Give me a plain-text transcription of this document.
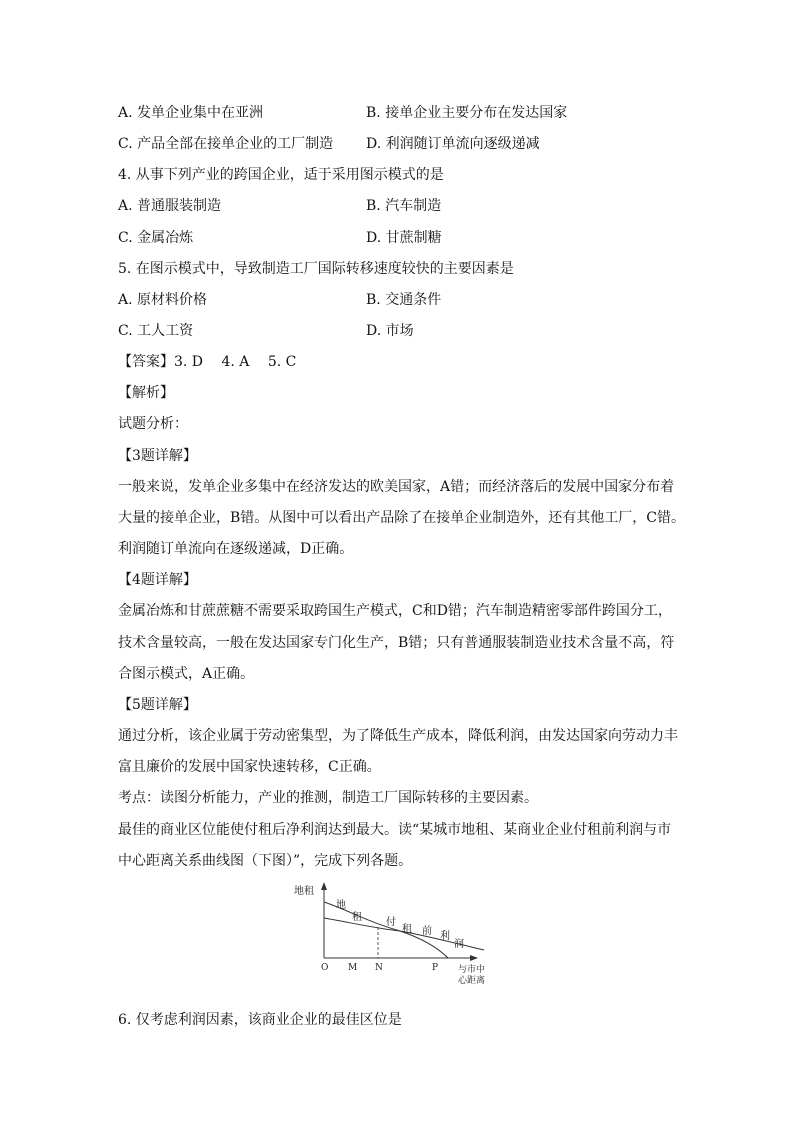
A. 发单企业集中在亚洲	B. 接单企业主要分布在发达国家
C. 产品全部在接单企业的工厂制造 D. 利润随订单流向逐级递减
4. 从事下列产业的跨国企业，适于采用图示模式的是
A. 普通服装制造	B. 汽车制造
C. 金属冶炼	D. 甘蔗制糖
5. 在图示模式中，导致制造工厂国际转移速度较快的主要因素是
A. 原材料价格	B. 交通条件
C. 工人工资	D. 市场
【答案】3. D　 4. A　 5. C
【解析】
试题分析：
【3题详解】
一般来说，发单企业多集中在经济发达的欧美国家，A错；而经济落后的发展中国家分布着
大量的接单企业，B错。从图中可以看出产品除了在接单企业制造外，还有其他工厂，C错。
利润随订单流向在逐级递减，D正确。
【4题详解】
金属冶炼和甘蔗蔗糖不需要采取跨国生产模式，C和D错；汽车制造精密零部件跨国分工，
技术含量较高，一般在发达国家专门化生产，B错；只有普通服装制造业技术含量不高，符
合图示模式，A正确。
【5题详解】
通过分析，该企业属于劳动密集型，为了降低生产成本，降低利润，由发达国家向劳动力丰
富且廉价的发展中国家快速转移，C正确。
考点：读图分析能力，产业的推测，制造工厂国际转移的主要因素。
最佳的商业区位能使付租后净利润达到最大。读“某城市地租、某商业企业付租前利润与市
中心距离关系曲线图（下图）”，完成下列各题。
地租
与市中
心距离
O M N	P
地
租 付
租 前 利
润
6. 仅考虑利润因素，该商业企业的最佳区位是
